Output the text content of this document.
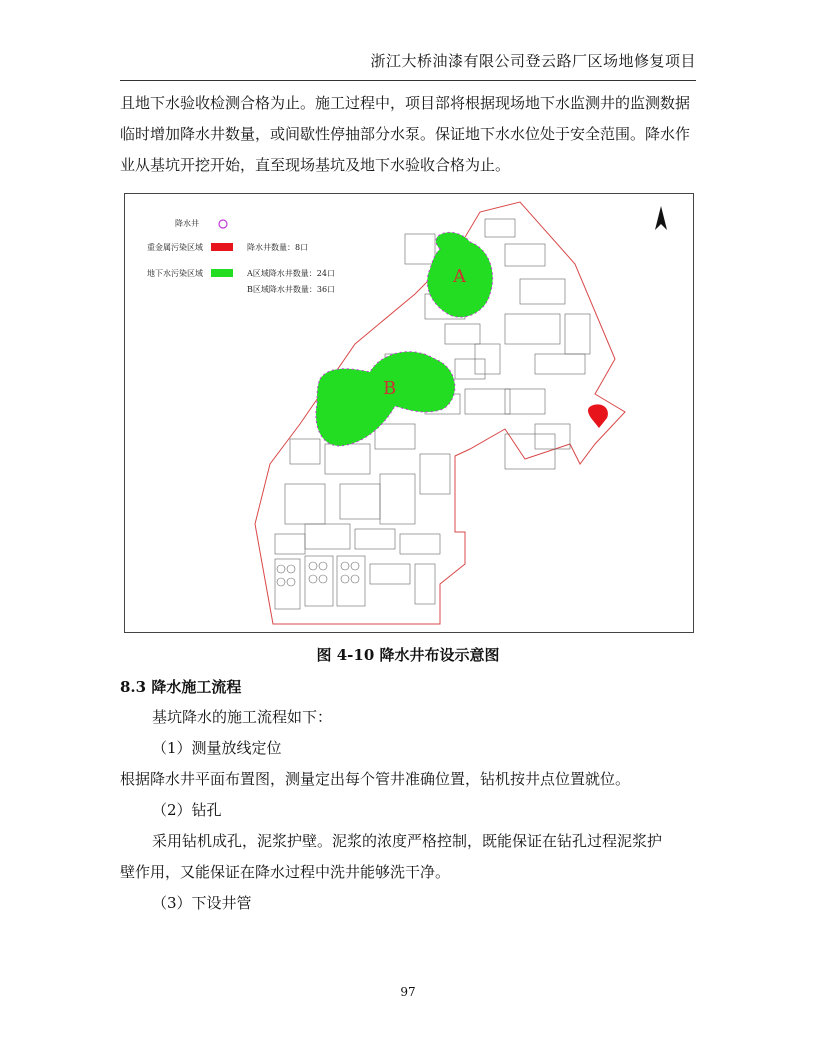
浙江大桥油漆有限公司登云路厂区场地修复项目

且地下水验收检测合格为止。施工过程中，项目部将根据现场地下水监测井的监测数据临时增加降水井数量，或间歇性停抽部分水泵。保证地下水水位处于安全范围。降水作业从基坑开挖开始，直至现场基坑及地下水验收合格为止。

A
B
降水井
重金属污染区域	降水井数量：8口
地下水污染区域	A区域降水井数量：24口
B区域降水井数量：36口
图 4-10 降水井布设示意图
8.3 降水施工流程
基坑降水的施工流程如下：
（1）测量放线定位
根据降水井平面布置图，测量定出每个管井准确位置，钻机按井点位置就位。
（2）钻孔
采用钻机成孔，泥浆护壁。泥浆的浓度严格控制，既能保证在钻孔过程泥浆护
壁作用，又能保证在降水过程中洗井能够洗干净。
（3）下设井管
97
